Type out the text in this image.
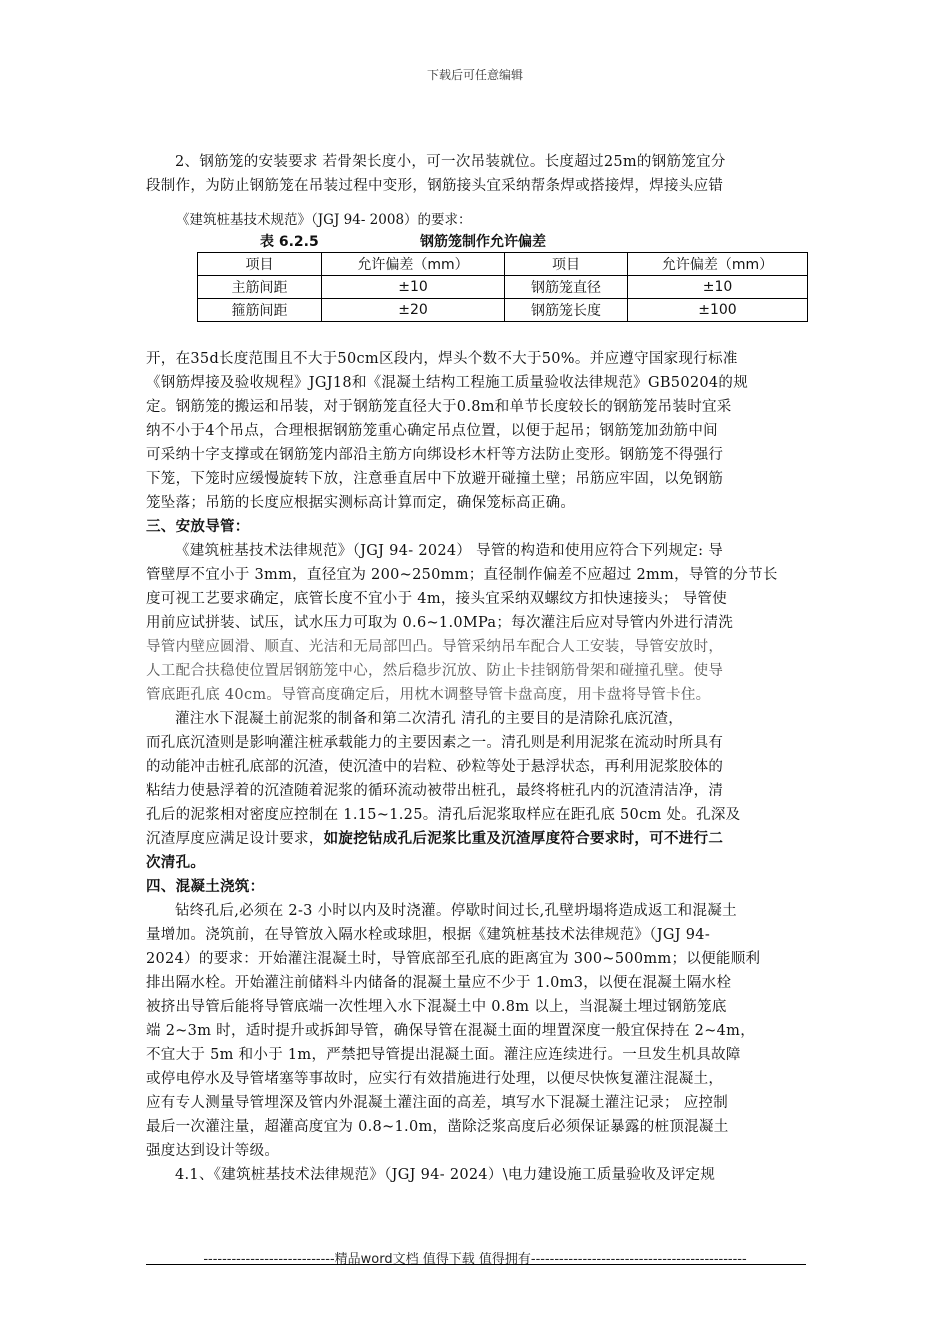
下载后可任意编辑
2、钢筋笼的安装要求 若骨架长度小，可一次吊装就位。长度超过25m的钢筋笼宜分
段制作，为防止钢筋笼在吊装过程中变形，钢筋接头宜采纳帮条焊或搭接焊，焊接头应错
《建筑桩基技术规范》（JGJ 94- 2008）的要求：
表 6.2.5	钢筋笼制作允许偏差
项目	允许偏差（mm）	项目	允许偏差（mm）
主筋间距	±10	钢筋笼直径	±10
箍筋间距	±20	钢筋笼长度	±100
开，在35d长度范围且不大于50cm区段内，焊头个数不大于50%。并应遵守国家现行标准
《钢筋焊接及验收规程》JGJ18和《混凝土结构工程施工质量验收法律规范》GB50204的规
定。钢筋笼的搬运和吊装，对于钢筋笼直径大于0.8m和单节长度较长的钢筋笼吊装时宜采
纳不小于4个吊点，合理根据钢筋笼重心确定吊点位置，以便于起吊；钢筋笼加劲筋中间
可采纳十字支撑或在钢筋笼内部沿主筋方向绑设杉木杆等方法防止变形。钢筋笼不得强行
下笼，下笼时应缓慢旋转下放，注意垂直居中下放避开碰撞土壁；吊筋应牢固，以免钢筋
笼坠落；吊筋的长度应根据实测标高计算而定，确保笼标高正确。
三、安放导管：
《建筑桩基技术法律规范》（JGJ 94- 2024） 导管的构造和使用应符合下列规定: 导
管壁厚不宜小于 3mm，直径宜为 200~250mm；直径制作偏差不应超过 2mm，导管的分节长
度可视工艺要求确定，底管长度不宜小于 4m，接头宜采纳双螺纹方扣快速接头； 导管使
用前应试拼装、试压，试水压力可取为 0.6~1.0MPa；每次灌注后应对导管内外进行清洗
导管内壁应圆滑、顺直、光洁和无局部凹凸。导管采纳吊车配合人工安装，导管安放时，
人工配合扶稳使位置居钢筋笼中心，然后稳步沉放、防止卡挂钢筋骨架和碰撞孔壁。使导
管底距孔底 40cm。导管高度确定后，用枕木调整导管卡盘高度，用卡盘将导管卡住。
灌注水下混凝土前泥浆的制备和第二次清孔 清孔的主要目的是清除孔底沉渣，
而孔底沉渣则是影响灌注桩承载能力的主要因素之一。清孔则是利用泥浆在流动时所具有
的动能冲击桩孔底部的沉渣，使沉渣中的岩粒、砂粒等处于悬浮状态，再利用泥浆胶体的
粘结力使悬浮着的沉渣随着泥浆的循环流动被带出桩孔，最终将桩孔内的沉渣清洁净，清
孔后的泥浆相对密度应控制在 1.15~1.25。清孔后泥浆取样应在距孔底 50cm 处。孔深及
沉渣厚度应满足设计要求，如旋挖钻成孔后泥浆比重及沉渣厚度符合要求时，可不进行二
次清孔。
四、混凝土浇筑：
钻终孔后,必须在 2-3 小时以内及时浇灌。停歇时间过长,孔壁坍塌将造成返工和混凝土
量增加。浇筑前，在导管放入隔水栓或球胆，根据《建筑桩基技术法律规范》（JGJ 94-
2024）的要求：开始灌注混凝土时，导管底部至孔底的距离宜为 300~500mm；以便能顺利
排出隔水栓。开始灌注前储料斗内储备的混凝土量应不少于 1.0m3，以便在混凝土隔水栓
被挤出导管后能将导管底端一次性埋入水下混凝土中 0.8m 以上，当混凝土埋过钢筋笼底
端 2~3m 时，适时提升或拆卸导管，确保导管在混凝土面的埋置深度一般宜保持在 2~4m，
不宜大于 5m 和小于 1m，严禁把导管提出混凝土面。灌注应连续进行。一旦发生机具故障
或停电停水及导管堵塞等事故时，应实行有效措施进行处理，以便尽快恢复灌注混凝土，
应有专人测量导管埋深及管内外混凝土灌注面的高差，填写水下混凝土灌注记录； 应控制
最后一次灌注量，超灌高度宜为 0.8~1.0m，凿除泛浆高度后必须保证暴露的桩顶混凝土
强度达到设计等级。
4.1、《建筑桩基技术法律规范》（JGJ 94- 2024）\电力建设施工质量验收及评定规
----------------------------精品word文档 值得下载 值得拥有----------------------------------------------
